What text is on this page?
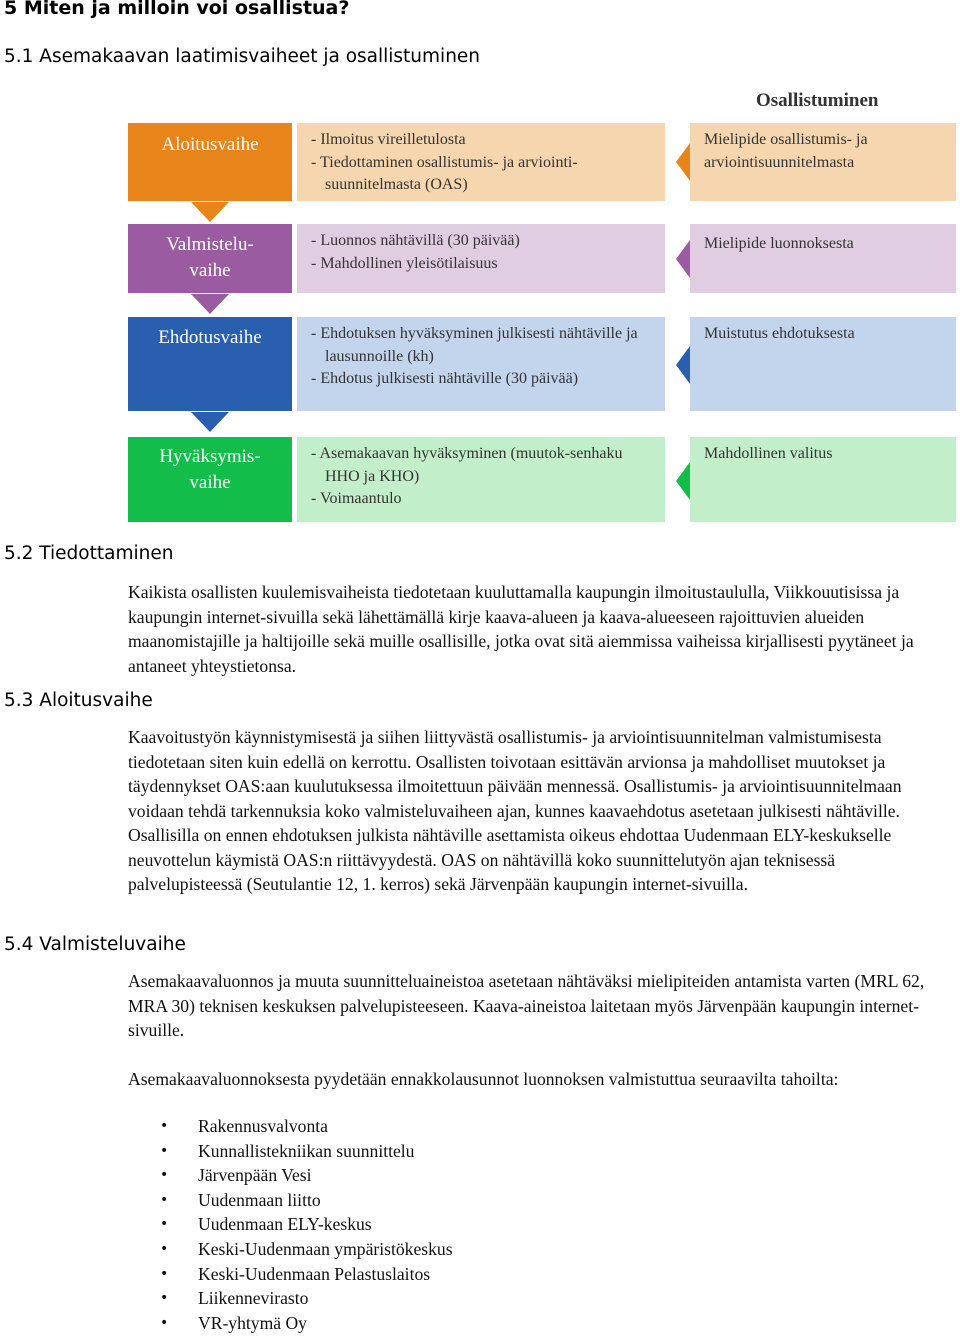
5 Miten ja milloin voi osallistua?
5.1 Asemakaavan laatimisvaiheet ja osallistuminen
Osallistuminen
Aloitusvaihe	- Ilmoitus vireilletulosta
- Tiedottaminen osallistumis- ja arviointi-suunnitelmasta (OAS)
Mielipide osallistumis- ja arviointisuunnitelmasta
Valmistelu-
vaihe
- Luonnos nähtävillä (30 päivää)
- Mahdollinen yleisötilaisuus
Mielipide luonnoksesta
Ehdotusvaihe	- Ehdotuksen hyväksyminen julkisesti nähtäville ja lausunnoille (kh)
- Ehdotus julkisesti nähtäville (30 päivää)
Muistutus ehdotuksesta
Hyväksymis-
vaihe
- Asemakaavan hyväksyminen (muutok-senhaku HHO ja KHO)
- Voimaantulo
Mahdollinen valitus
5.2 Tiedottaminen

Kaikista osallisten kuulemisvaiheista tiedotetaan kuuluttamalla kaupungin ilmoitustaululla, Viikkouutisissa ja kaupungin internet-sivuilla sekä lähettämällä kirje kaava-alueen ja kaava-alueeseen rajoittuvien alueiden maanomistajille ja haltijoille sekä muille osallisille, jotka ovat sitä aiemmissa vaiheissa kirjallisesti pyytäneet ja antaneet yhteystietonsa.

5.3 Aloitusvaihe

Kaavoitustyön käynnistymisestä ja siihen liittyvästä osallistumis- ja arviointisuunnitelman valmistumisesta tiedotetaan siten kuin edellä on kerrottu. Osallisten toivotaan esittävän arvionsa ja mahdolliset muutokset ja täydennykset OAS:aan kuulutuksessa ilmoitettuun päivään mennessä. Osallistumis- ja arviointisuunnitelmaan voidaan tehdä tarkennuksia koko valmisteluvaiheen ajan, kunnes kaavaehdotus asetetaan julkisesti nähtäville. Osallisilla on ennen ehdotuksen julkista nähtäville asettamista oikeus ehdottaa Uudenmaan ELY-keskukselle neuvottelun käymistä OAS:n riittävyydestä. OAS on nähtävillä koko suunnittelutyön ajan teknisessä palvelupisteessä (Seutulantie 12, 1. kerros) sekä Järvenpään kaupungin internet-sivuilla.

5.4 Valmisteluvaihe

Asemakaavaluonnos ja muuta suunnitteluaineistoa asetetaan nähtäväksi mielipiteiden antamista varten (MRL 62, MRA 30) teknisen keskuksen palvelupisteeseen. Kaava-aineistoa laitetaan myös Järvenpään kaupungin internet-sivuille.

Asemakaavaluonnoksesta pyydetään ennakkolausunnot luonnoksen valmistuttua seuraavilta tahoilta:

• Rakennusvalvonta
• Kunnallistekniikan suunnittelu
• Järvenpään Vesi
• Uudenmaan liitto
• Uudenmaan ELY-keskus
• Keski-Uudenmaan ympäristökeskus
• Keski-Uudenmaan Pelastuslaitos
• Liikennevirasto
• VR-yhtymä Oy
